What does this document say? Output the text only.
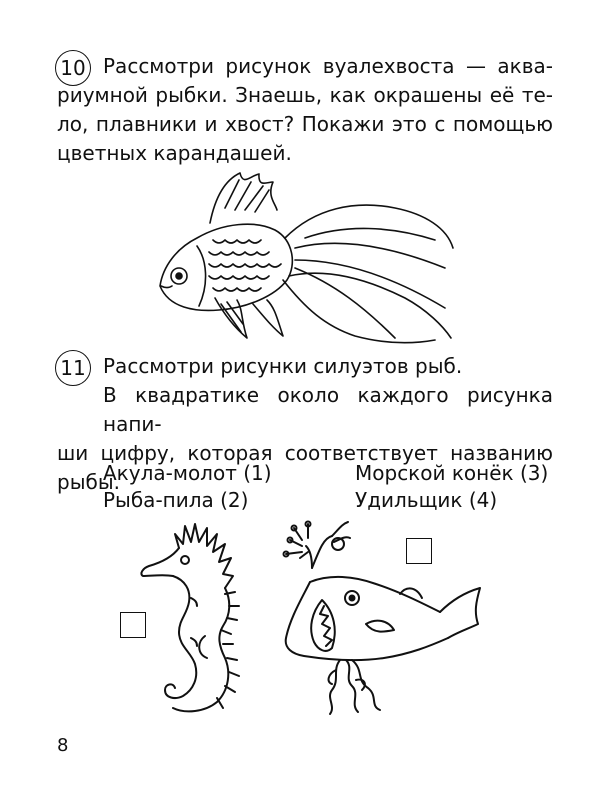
10 Рассмотри рисунок вуалехвоста — аква-
риумной рыбки. Знаешь, как окрашены её те-
ло, плавники и хвост? Покажи это с помощью
цветных карандашей.
11 Рассмотри рисунки силуэтов рыб.
В квадратике около каждого рисунка напи-
ши цифру, которая соответствует названию
рыбы.
Акула-молот (1)
Рыба-пила (2)
Морской конёк (3)
Удильщик (4)
8
